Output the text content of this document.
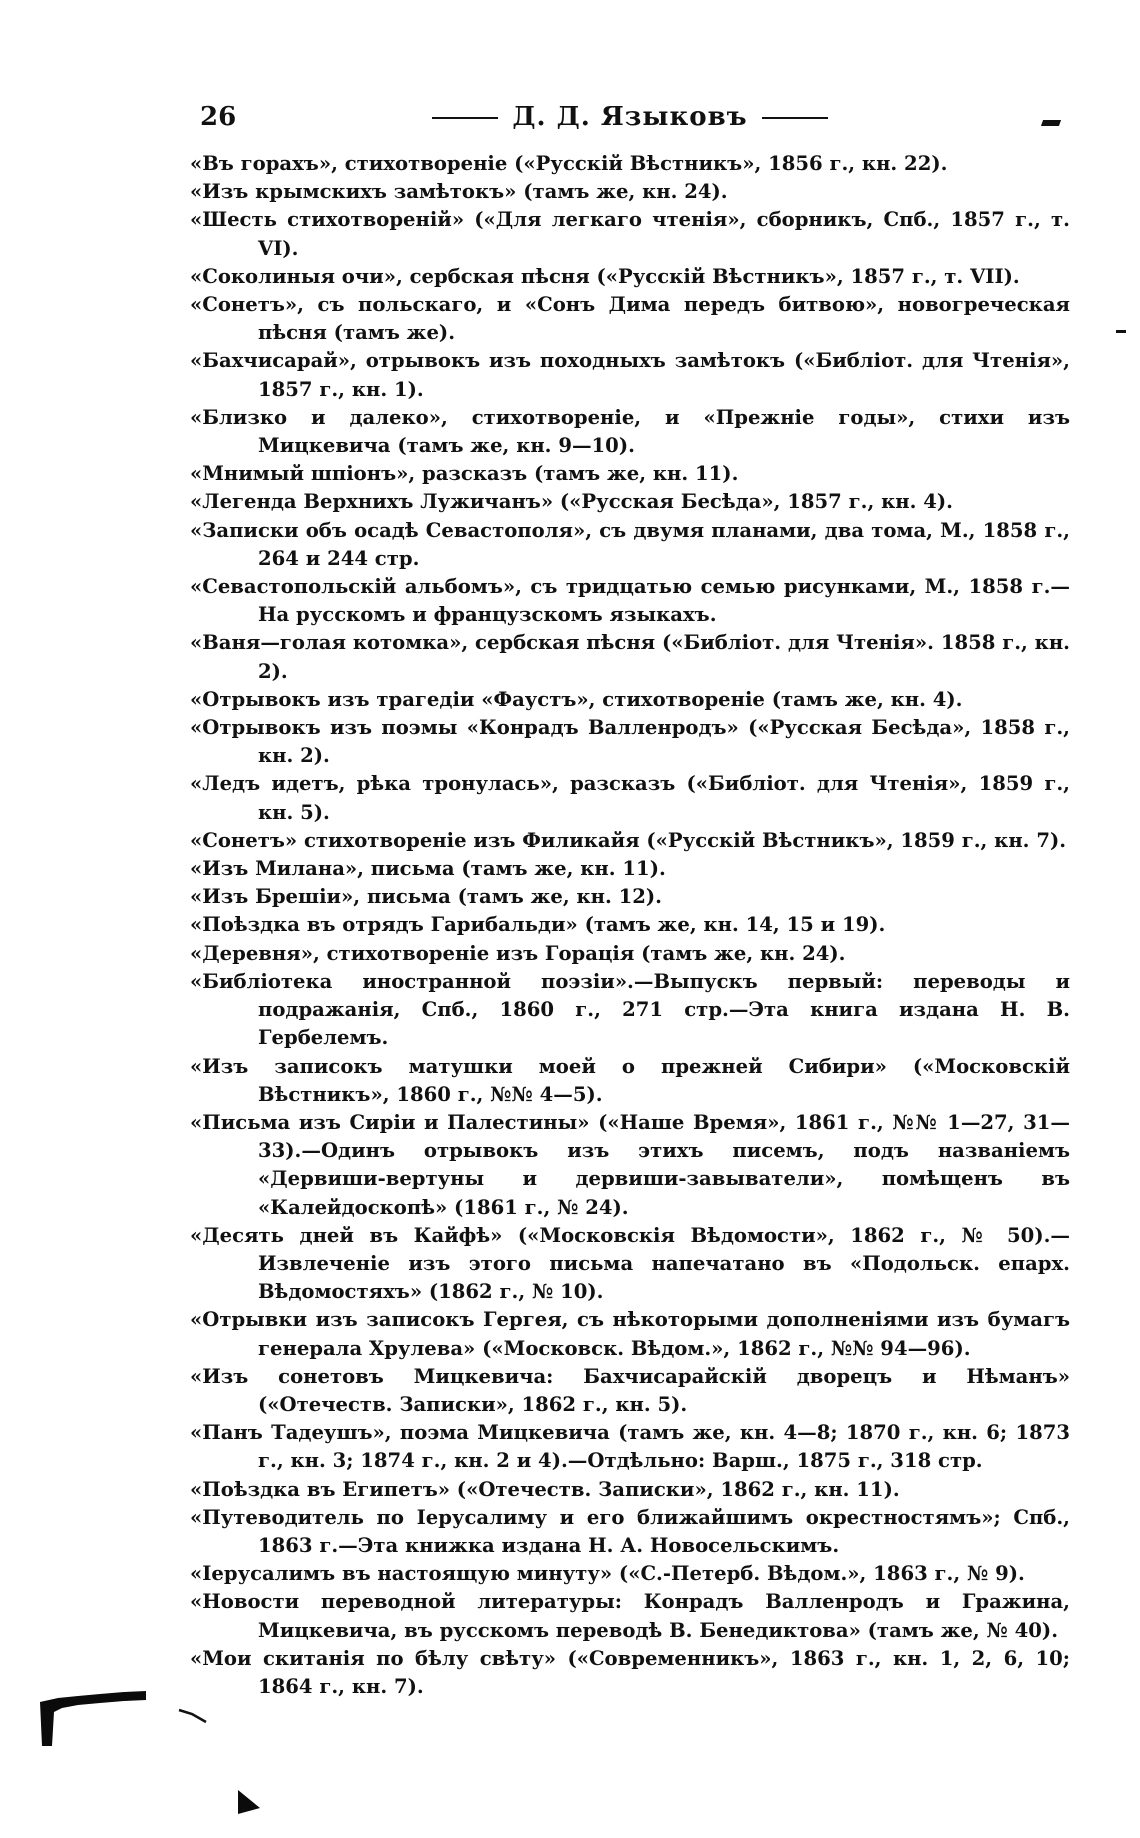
26	Д. Д. Языковъ

«Въ горахъ», стихотвореніе («Русскій Вѣстникъ», 1856 г., кн. 22).

«Изъ крымскихъ замѣтокъ» (тамъ же, кн. 24).

«Шесть стихотвореній» («Для легкаго чтенія», сборникъ, Спб., 1857 г., т. VI).

«Соколиныя очи», сербская пѣсня («Русскій Вѣстникъ», 1857 г., т. VII).

«Сонетъ», съ польскаго, и «Сонъ Дима передъ битвою», новогреческая пѣсня (тамъ же).

«Бахчисарай», отрывокъ изъ походныхъ замѣтокъ («Библіот. для Чтенія», 1857 г., кн. 1).

«Близко и далеко», стихотвореніе, и «Прежніе годы», стихи изъ Мицкевича (тамъ же, кн. 9—10).

«Мнимый шпіонъ», разсказъ (тамъ же, кн. 11).

«Легенда Верхнихъ Лужичанъ» («Русская Бесѣда», 1857 г., кн. 4).

«Записки объ осадѣ Севастополя», съ двумя планами, два тома, М., 1858 г., 264 и 244 стр.

«Севастопольскій альбомъ», съ тридцатью семью рисунками, М., 1858 г.—На русскомъ и французскомъ языкахъ.

«Ваня—голая котомка», сербская пѣсня («Библіот. для Чтенія». 1858 г., кн. 2).

«Отрывокъ изъ трагедіи «Фаустъ», стихотвореніе (тамъ же, кн. 4).

«Отрывокъ изъ поэмы «Конрадъ Валленродъ» («Русская Бесѣда», 1858 г., кн. 2).

«Ледъ идетъ, рѣка тронулась», разсказъ («Библіот. для Чтенія», 1859 г., кн. 5).

«Сонетъ» стихотвореніе изъ Филикайя («Русскій Вѣстникъ», 1859 г., кн. 7).

«Изъ Милана», письма (тамъ же, кн. 11).

«Изъ Брешіи», письма (тамъ же, кн. 12).

«Поѣздка въ отрядъ Гарибальди» (тамъ же, кн. 14, 15 и 19).

«Деревня», стихотвореніе изъ Горація (тамъ же, кн. 24).

«Библіотека иностранной поэзіи».—Выпускъ первый: переводы и подражанія, Спб., 1860 г., 271 стр.—Эта книга издана Н. В. Гербелемъ.

«Изъ записокъ матушки моей о прежней Сибири» («Московскій Вѣстникъ», 1860 г., №№ 4—5).

«Письма изъ Сиріи и Палестины» («Наше Время», 1861 г., №№ 1—27, 31—33).—Одинъ отрывокъ изъ этихъ писемъ, подъ названіемъ «Дервиши-вертуны и дервиши-завыватели», помѣщенъ въ «Калейдоскопѣ» (1861 г., № 24).

«Десять дней въ Кайфѣ» («Московскія Вѣдомости», 1862 г., № 50).—Извлеченіе изъ этого письма напечатано въ «Подольск. епарх. Вѣдомостяхъ» (1862 г., № 10).

«Отрывки изъ записокъ Гергея, съ нѣкоторыми дополненіями изъ бумагъ генерала Хрулева» («Московск. Вѣдом.», 1862 г., №№ 94—96).

«Изъ сонетовъ Мицкевича: Бахчисарайскій дворецъ и Нѣманъ» («Отечеств. Записки», 1862 г., кн. 5).

«Панъ Тадеушъ», поэма Мицкевича (тамъ же, кн. 4—8; 1870 г., кн. 6; 1873 г., кн. 3; 1874 г., кн. 2 и 4).—Отдѣльно: Варш., 1875 г., 318 стр.

«Поѣздка въ Египетъ» («Отечеств. Записки», 1862 г., кн. 11).

«Путеводитель по Іерусалиму и его ближайшимъ окрестностямъ»; Спб., 1863 г.—Эта книжка издана Н. А. Новосельскимъ.

«Іерусалимъ въ настоящую минуту» («С.-Петерб. Вѣдом.», 1863 г., № 9).

«Новости переводной литературы: Конрадъ Валленродъ и Гражина, Мицкевича, въ русскомъ переводѣ В. Бенедиктова» (тамъ же, № 40).

«Мои скитанія по бѣлу свѣту» («Современникъ», 1863 г., кн. 1, 2, 6, 10; 1864 г., кн. 7).
